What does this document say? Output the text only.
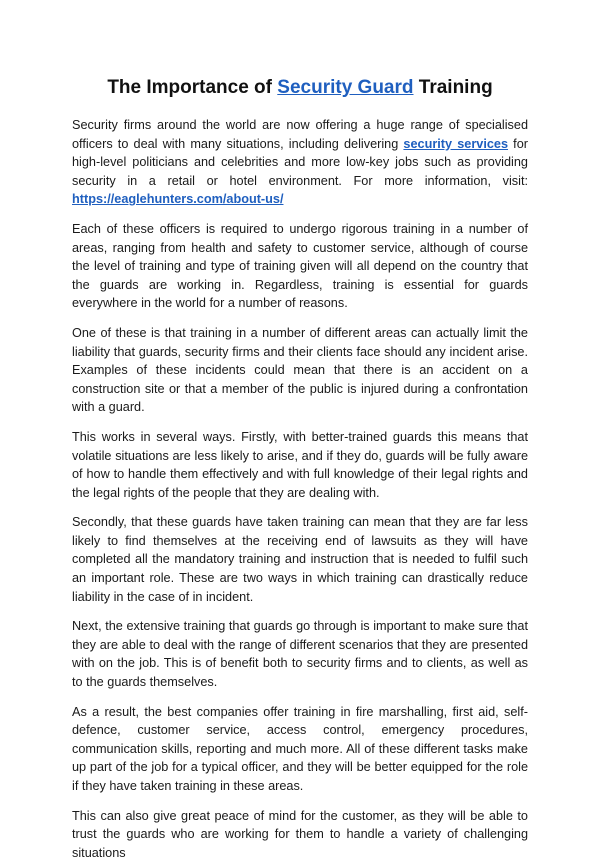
The Importance of Security Guard Training

Security firms around the world are now offering a huge range of specialised officers to deal with many situations, including delivering security services for high-level politicians and celebrities and more low-key jobs such as providing security in a retail or hotel environment. For more information, visit: https://eaglehunters.com/about-us/

Each of these officers is required to undergo rigorous training in a number of areas, ranging from health and safety to customer service, although of course the level of training and type of training given will all depend on the country that the guards are working in. Regardless, training is essential for guards everywhere in the world for a number of reasons.

One of these is that training in a number of different areas can actually limit the liability that guards, security firms and their clients face should any incident arise. Examples of these incidents could mean that there is an accident on a construction site or that a member of the public is injured during a confrontation with a guard.

This works in several ways. Firstly, with better-trained guards this means that volatile situations are less likely to arise, and if they do, guards will be fully aware of how to handle them effectively and with full knowledge of their legal rights and the legal rights of the people that they are dealing with.

Secondly, that these guards have taken training can mean that they are far less likely to find themselves at the receiving end of lawsuits as they will have completed all the mandatory training and instruction that is needed to fulfil such an important role. These are two ways in which training can drastically reduce liability in the case of in incident.

Next, the extensive training that guards go through is important to make sure that they are able to deal with the range of different scenarios that they are presented with on the job. This is of benefit both to security firms and to clients, as well as to the guards themselves.

As a result, the best companies offer training in fire marshalling, first aid, self-defence, customer service, access control, emergency procedures, communication skills, reporting and much more. All of these different tasks make up part of the job for a typical officer, and they will be better equipped for the role if they have taken training in these areas.

This can also give great peace of mind for the customer, as they will be able to trust the guards who are working for them to handle a variety of challenging situations
